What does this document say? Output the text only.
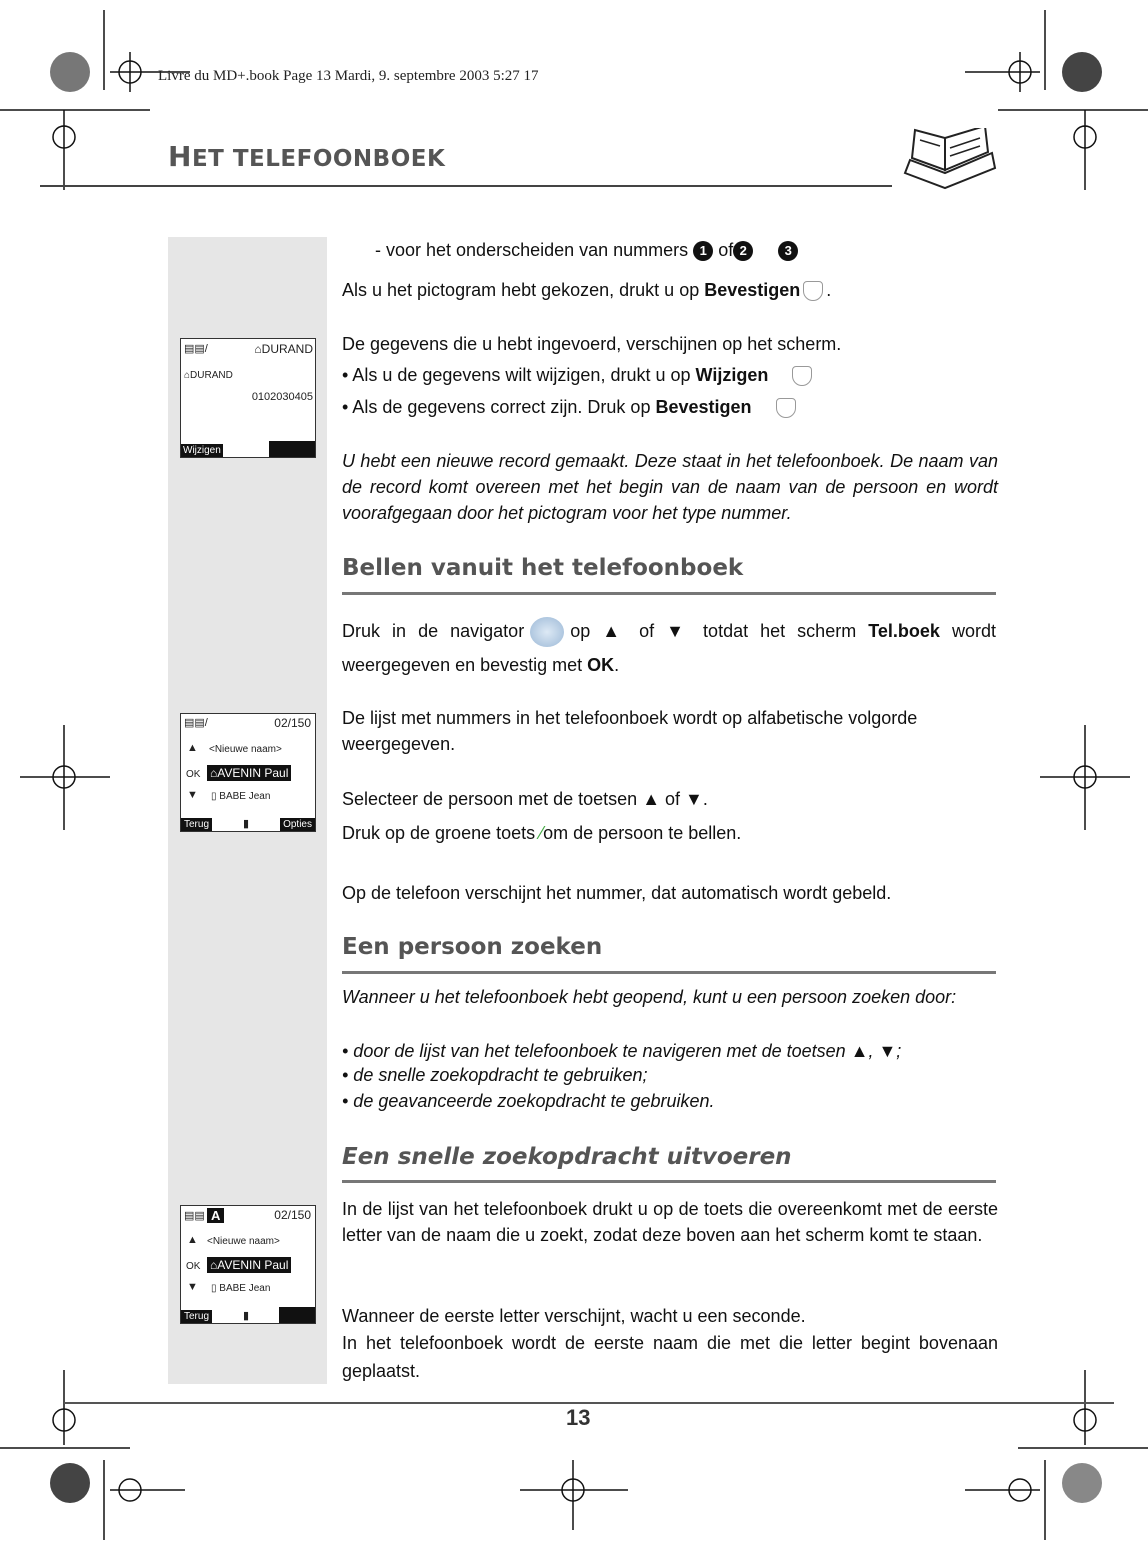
Livre du MD+.book Page 13 Mardi, 9. septembre 2003 5:27 17
HET TELEFOONBOEK
- voor het onderscheiden van nummers 1 of 2	3
Als u het pictogram hebt gekozen, drukt u op Bevestigen .
▤▤/	⌂DURAND
⌂DURAND
0102030405
Wijzigen
De gegevens die u hebt ingevoerd, verschijnen op het scherm.
• Als u de gegevens wilt wijzigen, drukt u op Wijzigen
• Als de gegevens correct zijn. Druk op Bevestigen
U hebt een nieuwe record gemaakt. Deze staat in het telefoonboek. De naam van de record komt overeen met het begin van de naam van de persoon en wordt voorafgegaan door het pictogram voor het type nummer.
Bellen vanuit het telefoonboek
Druk in de navigator	op ▲ of ▼ totdat het scherm Tel.boek wordt weergegeven en bevestig met OK.
▤▤/	02/150
▲ <Nieuwe naam>
OK ⌂AVENIN Paul
▼ ▯ BABE Jean
Terug	▮	Opties
De lijst met nummers in het telefoonboek wordt op alfabetische volgorde weergegeven.
Selecteer de persoon met de toetsen ▲ of ▼.
Druk op de groene toets ⁄om de persoon te bellen.
Op de telefoon verschijnt het nummer, dat automatisch wordt gebeld.
Een persoon zoeken
Wanneer u het telefoonboek hebt geopend, kunt u een persoon zoeken door:
• door de lijst van het telefoonboek te navigeren met de toetsen ▲, ▼;
• de snelle zoekopdracht te gebruiken;
• de geavanceerde zoekopdracht te gebruiken.
Een snelle zoekopdracht uitvoeren
▤▤ A	02/150
▲ <Nieuwe naam>
OK ⌂AVENIN Paul
▼ ▯ BABE Jean
Terug	▮
In de lijst van het telefoonboek drukt u op de toets die overeenkomt met de eerste letter van de naam die u zoekt, zodat deze boven aan het scherm komt te staan.
Wanneer de eerste letter verschijnt, wacht u een seconde.
In het telefoonboek wordt de eerste naam die met die letter begint bovenaan geplaatst.
13
